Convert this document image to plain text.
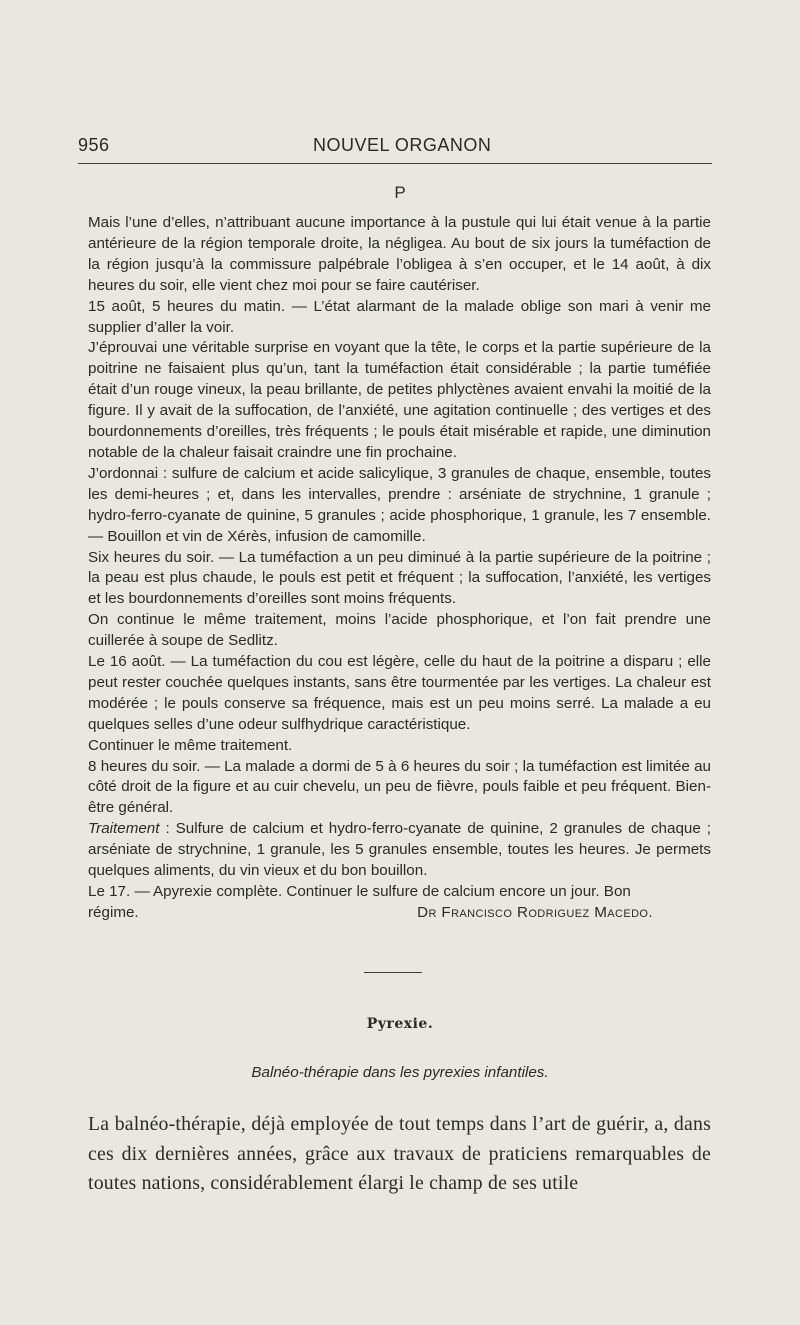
956	NOUVEL ORGANON
P

Mais l’une d’elles, n’attribuant aucune importance à la pustule qui lui était venue à la partie antérieure de la région temporale droite, la négligea. Au bout de six jours la tuméfaction de la région jusqu’à la commissure palpébrale l’obligea à s’en occuper, et le 14 août, à dix heures du soir, elle vient chez moi pour se faire cautériser.

15 août, 5 heures du matin. — L’état alarmant de la malade oblige son mari à venir me supplier d’aller la voir.

J’éprouvai une véritable surprise en voyant que la tête, le corps et la partie supérieure de la poitrine ne faisaient plus qu’un, tant la tuméfaction était considérable ; la partie tuméfiée était d’un rouge vineux, la peau brillante, de petites phlyctènes avaient envahi la moitié de la figure. Il y avait de la suffocation, de l’anxiété, une agitation continuelle ; des vertiges et des bourdonnements d’oreilles, très fréquents ; le pouls était misérable et rapide, une diminution notable de la chaleur faisait craindre une fin prochaine.

J’ordonnai : sulfure de calcium et acide salicylique, 3 granules de chaque, ensemble, toutes les demi-heures ; et, dans les intervalles, prendre : arséniate de strychnine, 1 granule ; hydro-ferro-cyanate de quinine, 5 granules ; acide phosphorique, 1 granule, les 7 ensemble. — Bouillon et vin de Xérès, infusion de camomille.

Six heures du soir. — La tuméfaction a un peu diminué à la partie supérieure de la poitrine ; la peau est plus chaude, le pouls est petit et fréquent ; la suffocation, l’anxiété, les vertiges et les bourdonnements d’oreilles sont moins fréquents.

On continue le même traitement, moins l’acide phosphorique, et l’on fait prendre une cuillerée à soupe de Sedlitz.

Le 16 août. — La tuméfaction du cou est légère, celle du haut de la poitrine a disparu ; elle peut rester couchée quelques instants, sans être tourmentée par les vertiges. La chaleur est modérée ; le pouls conserve sa fréquence, mais est un peu moins serré. La malade a eu quelques selles d’une odeur sulfhydrique caractéristique.

Continuer le même traitement.

8 heures du soir. — La malade a dormi de 5 à 6 heures du soir ; la tuméfaction est limitée au côté droit de la figure et au cuir chevelu, un peu de fièvre, pouls faible et peu fréquent. Bien-être général.

Traitement : Sulfure de calcium et hydro-ferro-cyanate de quinine, 2 granules de chaque ; arséniate de strychnine, 1 granule, les 5 granules ensemble, toutes les heures. Je permets quelques aliments, du vin vieux et du bon bouillon.

Le 17. — Apyrexie complète. Continuer le sulfure de calcium encore un jour. Bon

régime.	Dr Francisco Rodriguez Macedo.
Pyrexie.
Balnéo-thérapie dans les pyrexies infantiles.

La balnéo-thérapie, déjà employée de tout temps dans l’art de guérir, a, dans ces dix dernières années, grâce aux travaux de praticiens remarquables de toutes nations, considérablement élargi le champ de ses utile
